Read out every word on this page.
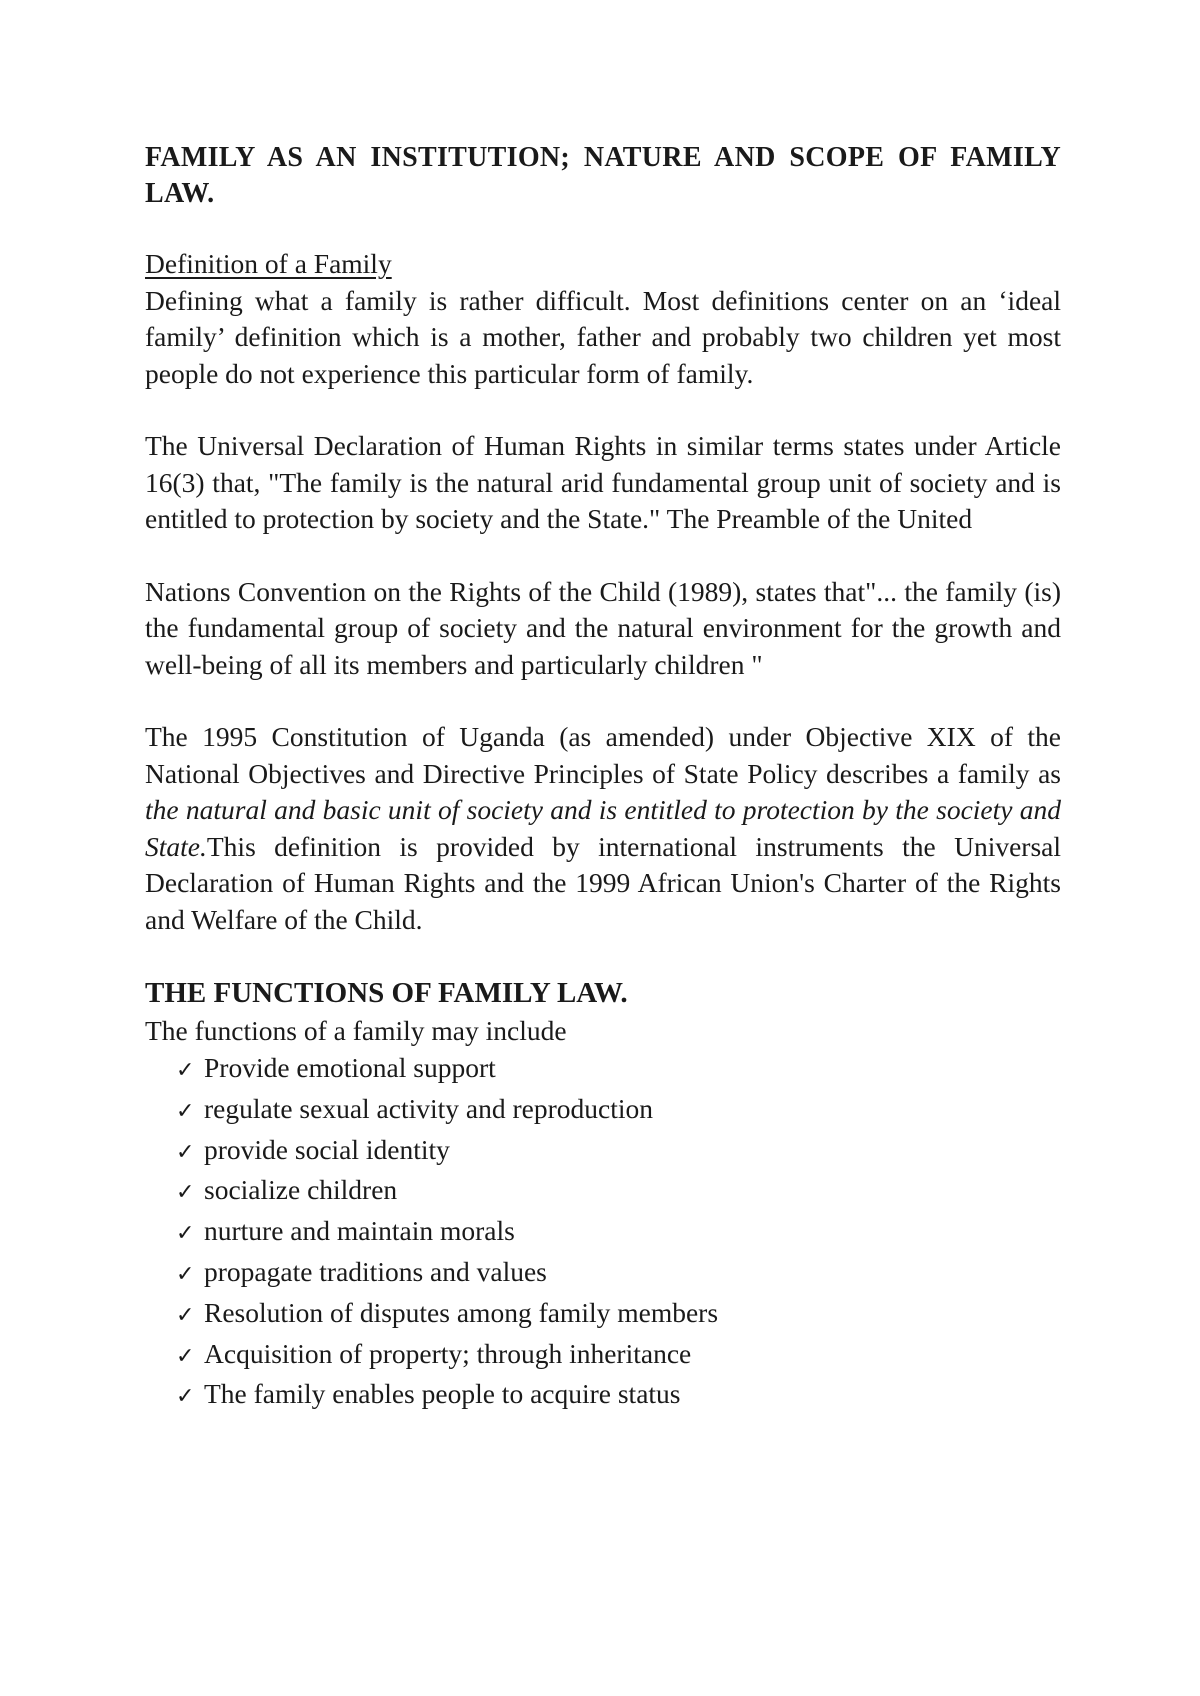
FAMILY AS AN INSTITUTION; NATURE AND SCOPE OF FAMILY LAW.

Definition of a Family

Defining what a family is rather difficult. Most definitions center on an ‘ideal family’ definition which is a mother, father and probably two children yet most people do not experience this particular form of family.

The Universal Declaration of Human Rights in similar terms states under Article 16(3) that, "The family is the natural arid fundamental group unit of society and is entitled to protection by society and the State." The Preamble of the United

Nations Convention on the Rights of the Child (1989), states that"... the family (is) the fundamental group of society and the natural environment for the growth and well-being of all its members and particularly children "

The 1995 Constitution of Uganda (as amended) under Objective XIX of the National Objectives and Directive Principles of State Policy describes a family as the natural and basic unit of society and is entitled to protection by the society and State.This definition is provided by international instruments the Universal Declaration of Human Rights and the 1999 African Union's Charter of the Rights and Welfare of the Child.

THE FUNCTIONS OF FAMILY LAW.

The functions of a family may include

✓ Provide emotional support
✓ regulate sexual activity and reproduction
✓ provide social identity
✓ socialize children
✓ nurture and maintain morals
✓ propagate traditions and values
✓ Resolution of disputes among family members
✓ Acquisition of property; through inheritance
✓ The family enables people to acquire status
